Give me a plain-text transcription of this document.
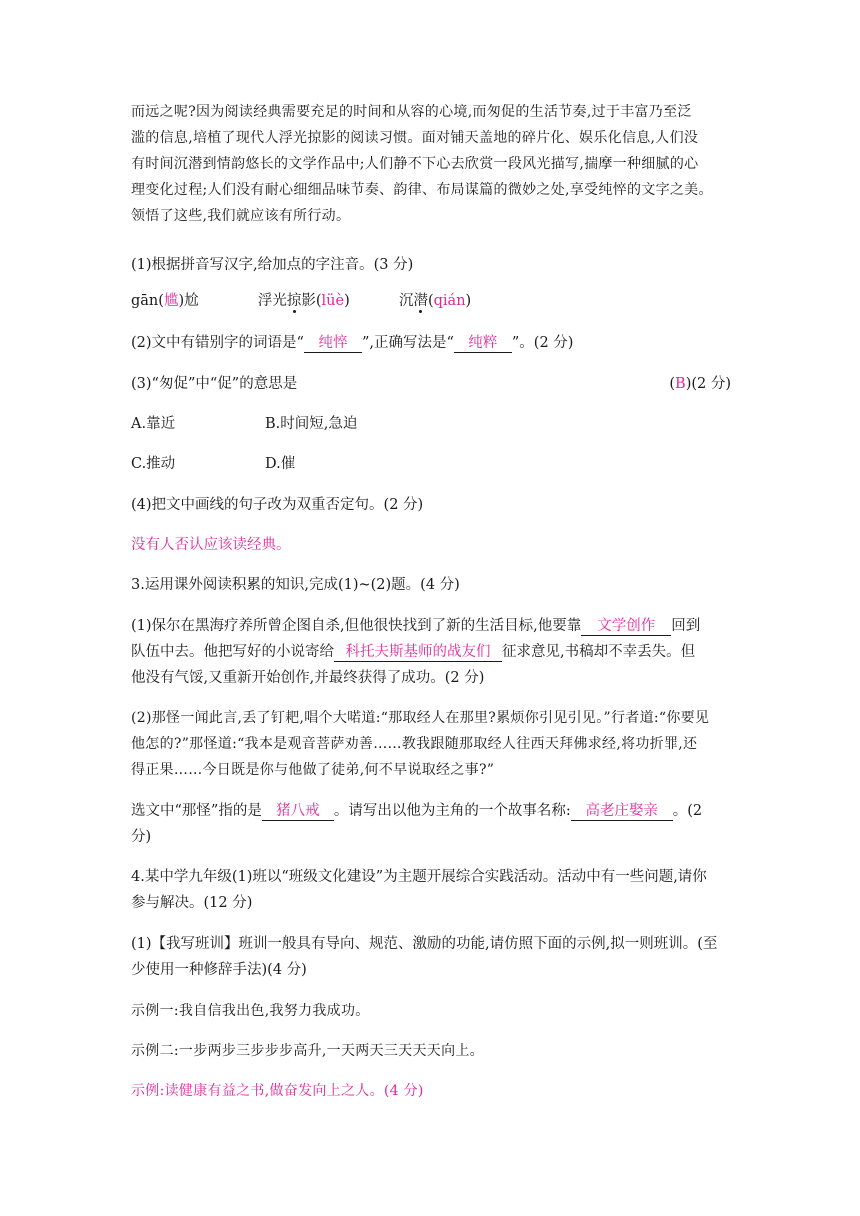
而远之呢?因为阅读经典需要充足的时间和从容的心境,而匆促的生活节奏,过于丰富乃至泛
滥的信息,培植了现代人浮光掠影的阅读习惯。面对铺天盖地的碎片化、娱乐化信息,人们没
有时间沉潜到情韵悠长的文学作品中;人们静不下心去欣赏一段风光描写,揣摩一种细腻的心
理变化过程;人们没有耐心细细品味节奏、韵律、布局谋篇的微妙之处,享受纯悴的文字之美。
领悟了这些,我们就应该有所行动。
(1)根据拼音写汉字,给加点的字注音。(3 分)
gān(尴)尬	浮光掠影(lüè)	沉潜(qián)
(2)文中有错别字的词语是“ 纯悴 ”,正确写法是“ 纯粹 ”。(2 分)
(3)“匆促”中“促”的意思是	(B)(2 分)
A.靠近	B.时间短,急迫
C.推动	D.催
(4)把文中画线的句子改为双重否定句。(2 分)
没有人否认应该读经典。
3.运用课外阅读积累的知识,完成(1)~(2)题。(4 分)
(1)保尔在黑海疗养所曾企图自杀,但他很快找到了新的生活目标,他要靠 文学创作 回到
队伍中去。他把写好的小说寄给 科托夫斯基师的战友们 征求意见,书稿却不幸丢失。但
他没有气馁,又重新开始创作,并最终获得了成功。(2 分)
(2)那怪一闻此言,丢了钉耙,唱个大喏道:“那取经人在那里?累烦你引见引见。”行者道:“你要见
他怎的?”那怪道:“我本是观音菩萨劝善……教我跟随那取经人往西天拜佛求经,将功折罪,还
得正果……今日既是你与他做了徒弟,何不早说取经之事?”
选文中“那怪”指的是 猪八戒 。请写出以他为主角的一个故事名称: 高老庄娶亲 。(2
分)
4.某中学九年级(1)班以“班级文化建设”为主题开展综合实践活动。活动中有一些问题,请你
参与解决。(12 分)
(1)【我写班训】班训一般具有导向、规范、激励的功能,请仿照下面的示例,拟一则班训。(至
少使用一种修辞手法)(4 分)
示例一:我自信我出色,我努力我成功。
示例二:一步两步三步步步高升,一天两天三天天天向上。
示例:读健康有益之书,做奋发向上之人。(4 分)
